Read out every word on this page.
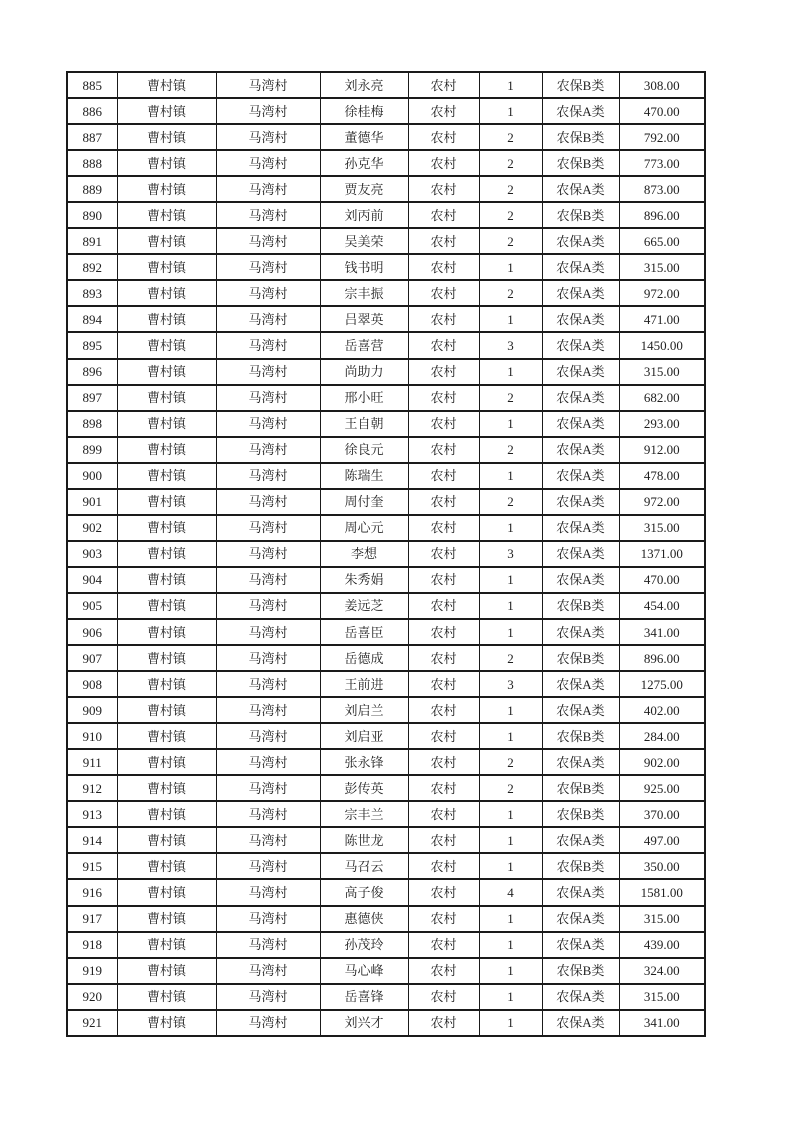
885	曹村镇	马湾村	刘永亮	农村	1	农保B类	308.00
886	曹村镇	马湾村	徐桂梅	农村	1	农保A类	470.00
887	曹村镇	马湾村	董德华	农村	2	农保B类	792.00
888	曹村镇	马湾村	孙克华	农村	2	农保B类	773.00
889	曹村镇	马湾村	贾友亮	农村	2	农保A类	873.00
890	曹村镇	马湾村	刘丙前	农村	2	农保B类	896.00
891	曹村镇	马湾村	吴美荣	农村	2	农保A类	665.00
892	曹村镇	马湾村	钱书明	农村	1	农保A类	315.00
893	曹村镇	马湾村	宗丰振	农村	2	农保A类	972.00
894	曹村镇	马湾村	吕翠英	农村	1	农保A类	471.00
895	曹村镇	马湾村	岳喜营	农村	3	农保A类	1450.00
896	曹村镇	马湾村	尚助力	农村	1	农保A类	315.00
897	曹村镇	马湾村	邢小旺	农村	2	农保A类	682.00
898	曹村镇	马湾村	王自朝	农村	1	农保A类	293.00
899	曹村镇	马湾村	徐良元	农村	2	农保A类	912.00
900	曹村镇	马湾村	陈瑞生	农村	1	农保A类	478.00
901	曹村镇	马湾村	周付奎	农村	2	农保A类	972.00
902	曹村镇	马湾村	周心元	农村	1	农保A类	315.00
903	曹村镇	马湾村	李想	农村	3	农保A类	1371.00
904	曹村镇	马湾村	朱秀娟	农村	1	农保A类	470.00
905	曹村镇	马湾村	姜远芝	农村	1	农保B类	454.00
906	曹村镇	马湾村	岳喜臣	农村	1	农保A类	341.00
907	曹村镇	马湾村	岳德成	农村	2	农保B类	896.00
908	曹村镇	马湾村	王前进	农村	3	农保A类	1275.00
909	曹村镇	马湾村	刘启兰	农村	1	农保A类	402.00
910	曹村镇	马湾村	刘启亚	农村	1	农保B类	284.00
911	曹村镇	马湾村	张永锋	农村	2	农保A类	902.00
912	曹村镇	马湾村	彭传英	农村	2	农保B类	925.00
913	曹村镇	马湾村	宗丰兰	农村	1	农保B类	370.00
914	曹村镇	马湾村	陈世龙	农村	1	农保A类	497.00
915	曹村镇	马湾村	马召云	农村	1	农保B类	350.00
916	曹村镇	马湾村	高子俊	农村	4	农保A类	1581.00
917	曹村镇	马湾村	惠德侠	农村	1	农保A类	315.00
918	曹村镇	马湾村	孙茂玲	农村	1	农保A类	439.00
919	曹村镇	马湾村	马心峰	农村	1	农保B类	324.00
920	曹村镇	马湾村	岳喜锋	农村	1	农保A类	315.00
921	曹村镇	马湾村	刘兴才	农村	1	农保A类	341.00
